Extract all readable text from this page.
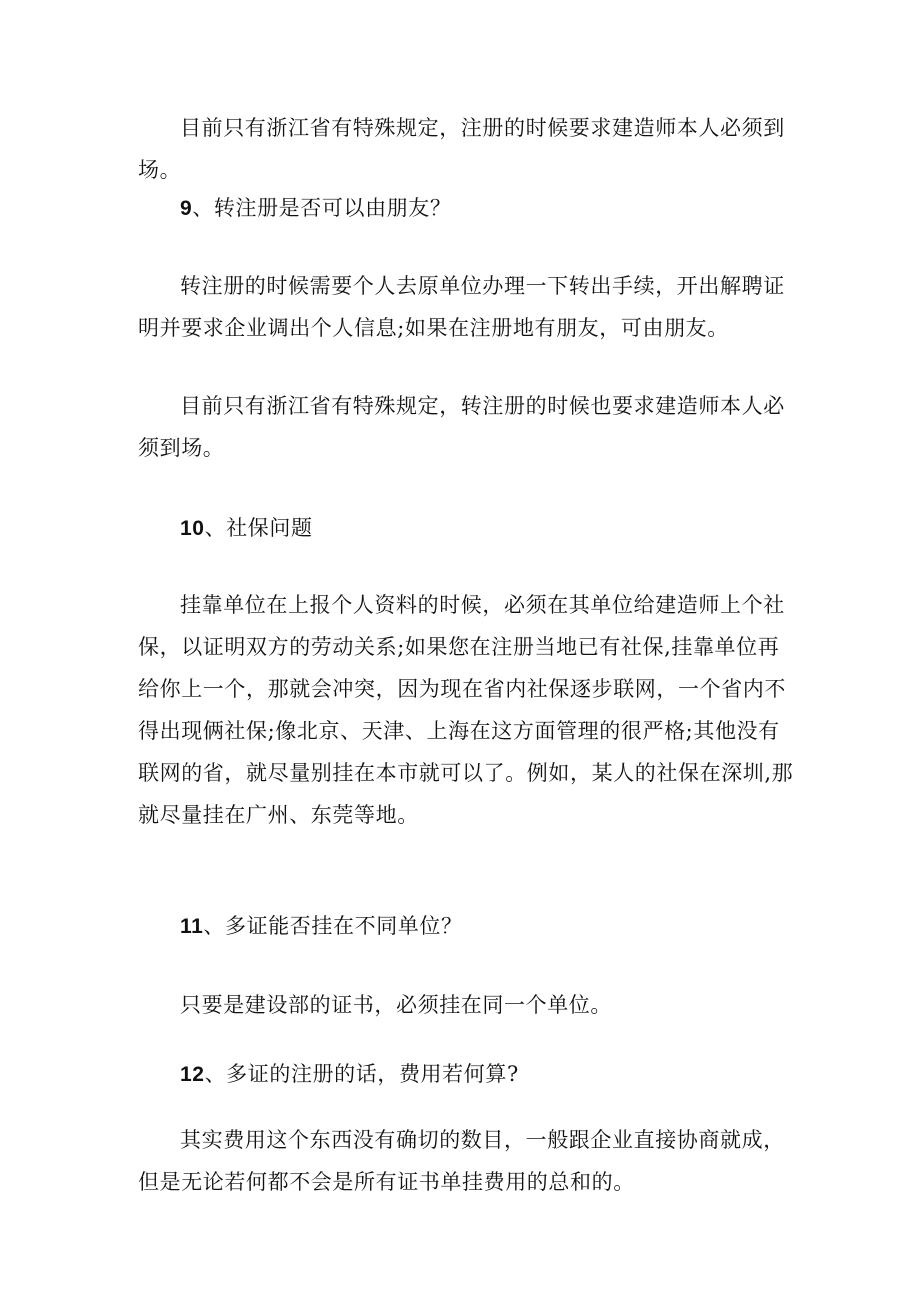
目前只有浙江省有特殊规定，注册的时候要求建造师本人必须到场。

9、转注册是否可以由朋友？

转注册的时候需要个人去原单位办理一下转出手续，开出解聘证明并要求企业调出个人信息;如果在注册地有朋友，可由朋友。

目前只有浙江省有特殊规定，转注册的时候也要求建造师本人必须到场。

10、社保问题

挂靠单位在上报个人资料的时候，必须在其单位给建造师上个社保，以证明双方的劳动关系;如果您在注册当地已有社保,挂靠单位再给你上一个，那就会冲突，因为现在省内社保逐步联网，一个省内不得出现俩社保;像北京、天津、上海在这方面管理的很严格;其他没有联网的省，就尽量别挂在本市就可以了。例如，某人的社保在深圳,那就尽量挂在广州、东莞等地。

11、多证能否挂在不同单位？

只要是建设部的证书，必须挂在同一个单位。

12、多证的注册的话，费用若何算?

其实费用这个东西没有确切的数目，一般跟企业直接协商就成，但是无论若何都不会是所有证书单挂费用的总和的。
